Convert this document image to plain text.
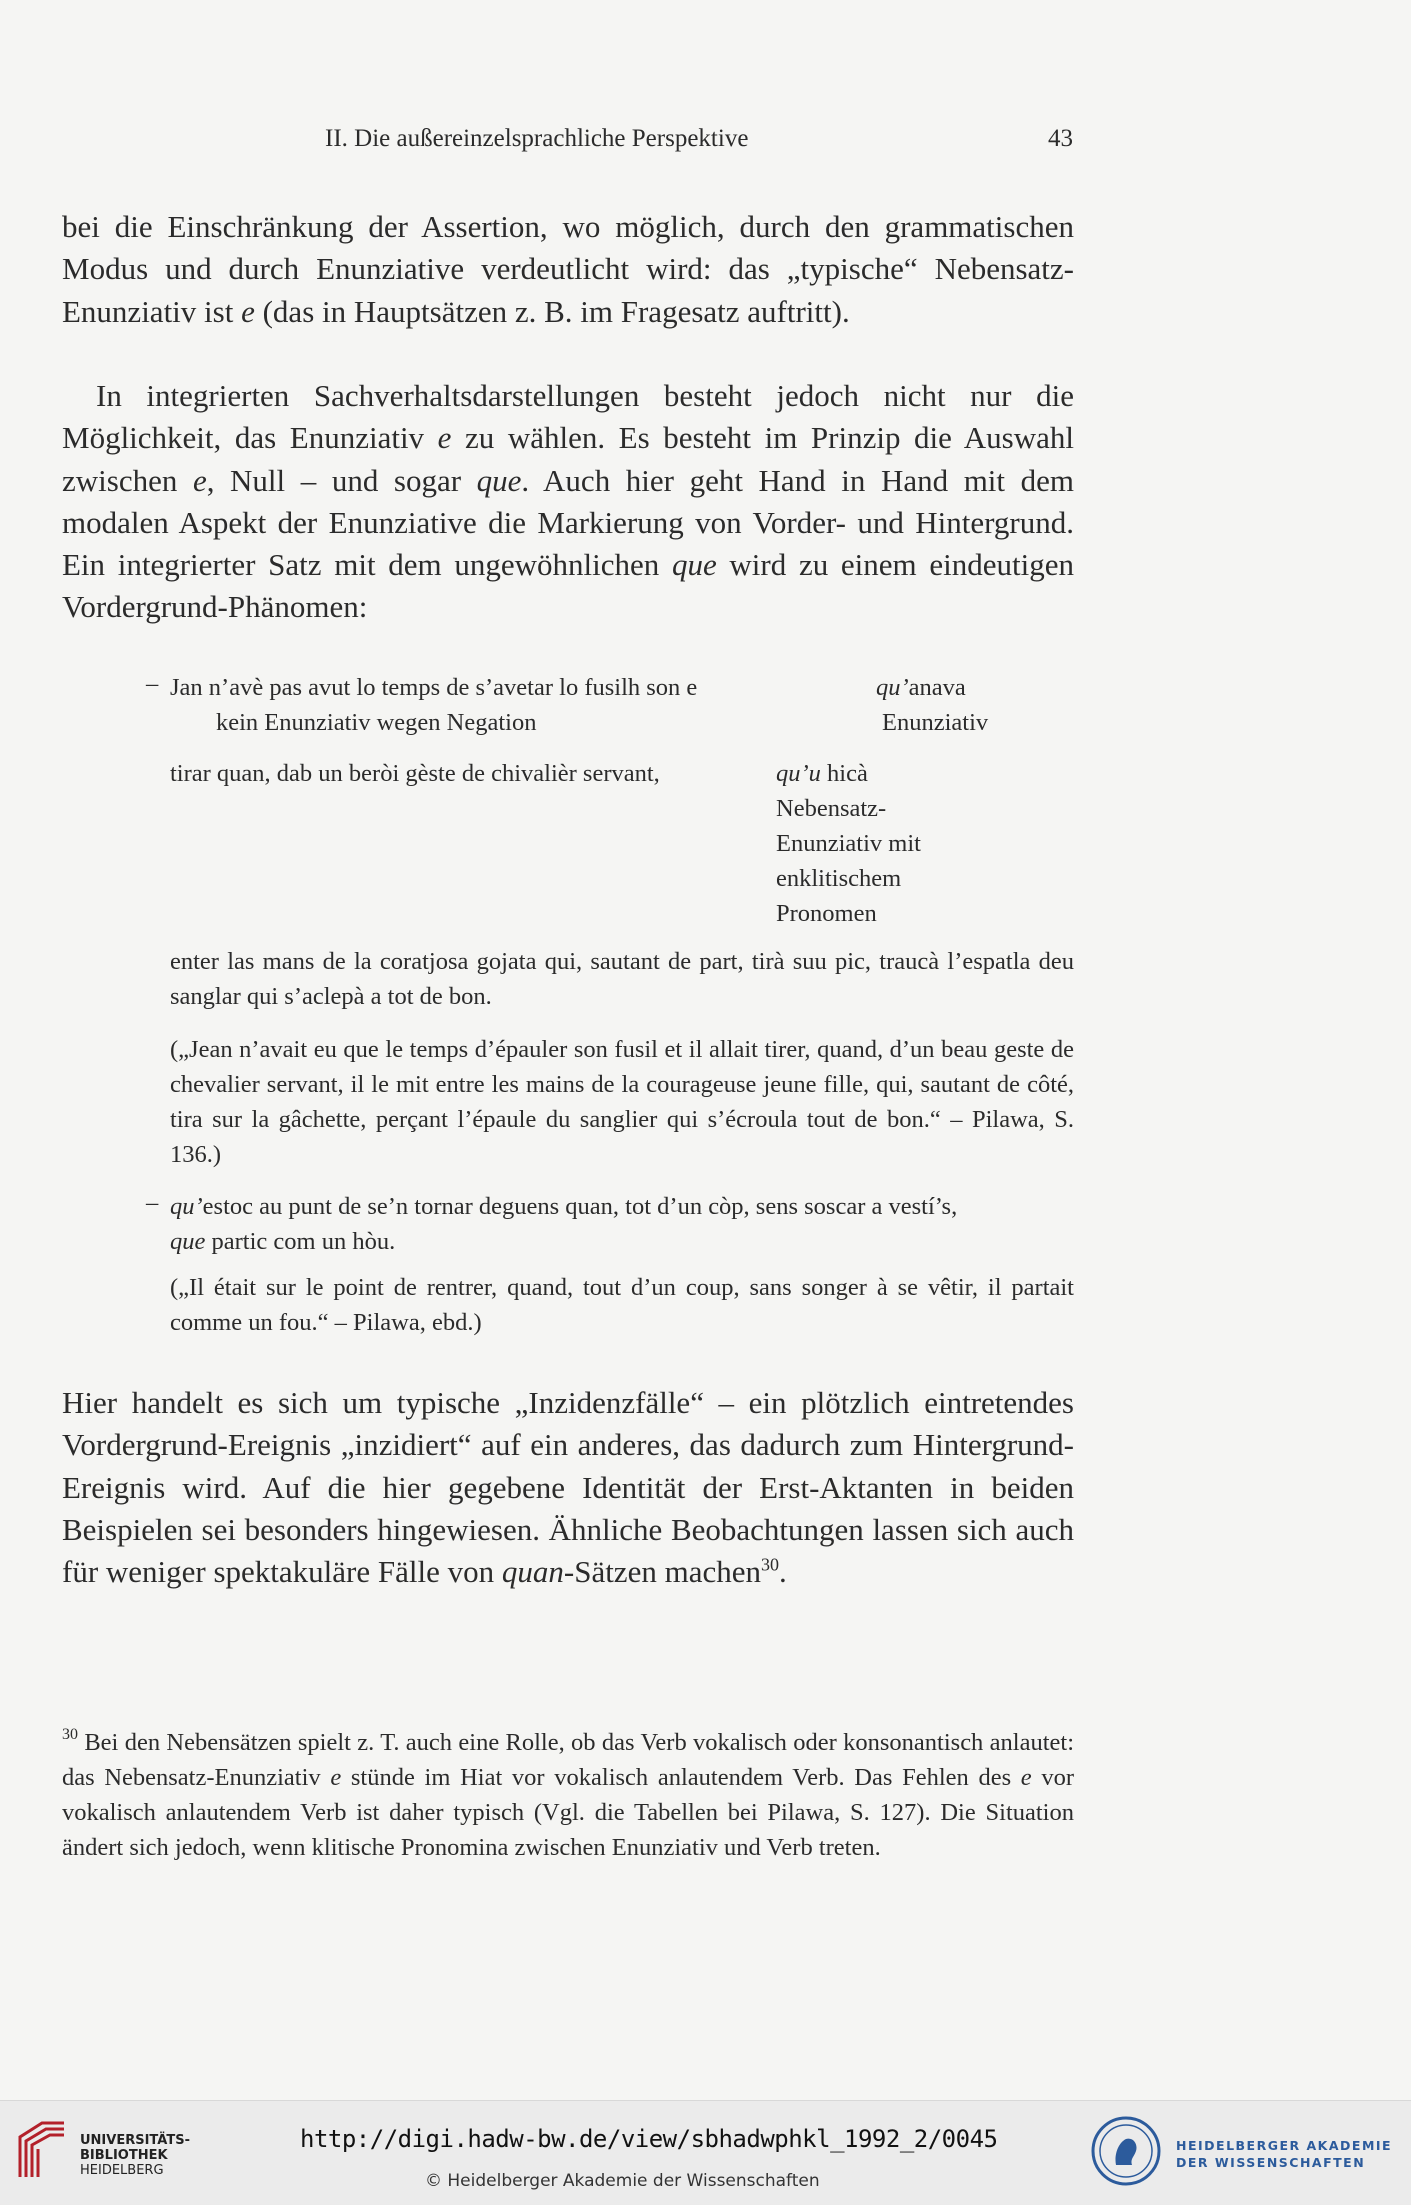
II. Die außereinzelsprachliche Perspektive	43

bei die Einschränkung der Assertion, wo möglich, durch den grammatischen Modus und durch Enunziative verdeutlicht wird: das „typische“ Nebensatz-Enunziativ ist e (das in Hauptsätzen z. B. im Fragesatz auftritt).

In integrierten Sachverhaltsdarstellungen besteht jedoch nicht nur die Möglichkeit, das Enunziativ e zu wählen. Es besteht im Prinzip die Auswahl zwischen e, Null – und sogar que. Auch hier geht Hand in Hand mit dem modalen Aspekt der Enunziative die Markierung von Vorder- und Hintergrund. Ein integrierter Satz mit dem ungewöhnlichen que wird zu einem eindeutigen Vordergrund-Phänomen:

– Jan n’avè pas avut lo temps de s’avetar lo fusilh son e	qu’anava
kein Enunziativ wegen Negation	Enunziativ
tirar quan, dab un beròi gèste de chivalièr servant,	qu’u hicà
Nebensatz-
Enunziativ mit
enklitischem
Pronomen
enter las mans de la coratjosa gojata qui, sautant de part, tirà suu pic, traucà l’espatla deu sanglar qui s’aclepà a tot de bon.
(„Jean n’avait eu que le temps d’épauler son fusil et il allait tirer, quand, d’un beau geste de chevalier servant, il le mit entre les mains de la courageuse jeune fille, qui, sautant de côté, tira sur la gâchette, perçant l’épaule du sanglier qui s’écroula tout de bon.“ – Pilawa, S. 136.)
– qu’estoc au punt de se’n tornar deguens quan, tot d’un còp, sens soscar a vestí’s,
que partic com un hòu.
(„Il était sur le point de rentrer, quand, tout d’un coup, sans songer à se vêtir, il partait comme un fou.“ – Pilawa, ebd.)

Hier handelt es sich um typische „Inzidenzfälle“ – ein plötzlich eintretendes Vordergrund-Ereignis „inzidiert“ auf ein anderes, das dadurch zum Hintergrund-Ereignis wird. Auf die hier gegebene Identität der Erst-Aktanten in beiden Beispielen sei besonders hingewiesen. Ähnliche Beobachtungen lassen sich auch für weniger spektakuläre Fälle von quan-Sätzen machen$^{30}$.

$^{30}$ Bei den Nebensätzen spielt z. T. auch eine Rolle, ob das Verb vokalisch oder konsonantisch anlautet: das Nebensatz-Enunziativ e stünde im Hiat vor vokalisch anlautendem Verb. Das Fehlen des e vor vokalisch anlautendem Verb ist daher typisch (Vgl. die Tabellen bei Pilawa, S. 127). Die Situation ändert sich jedoch, wenn klitische Pronomina zwischen Enunziativ und Verb treten.
UNIVERSITÄTS-
BIBLIOTHEK
HEIDELBERG
http://digi.hadw-bw.de/view/sbhadwphkl_1992_2/0045
© Heidelberger Akademie der Wissenschaften
HEIDELBERGER AKADEMIE
DER WISSENSCHAFTEN
